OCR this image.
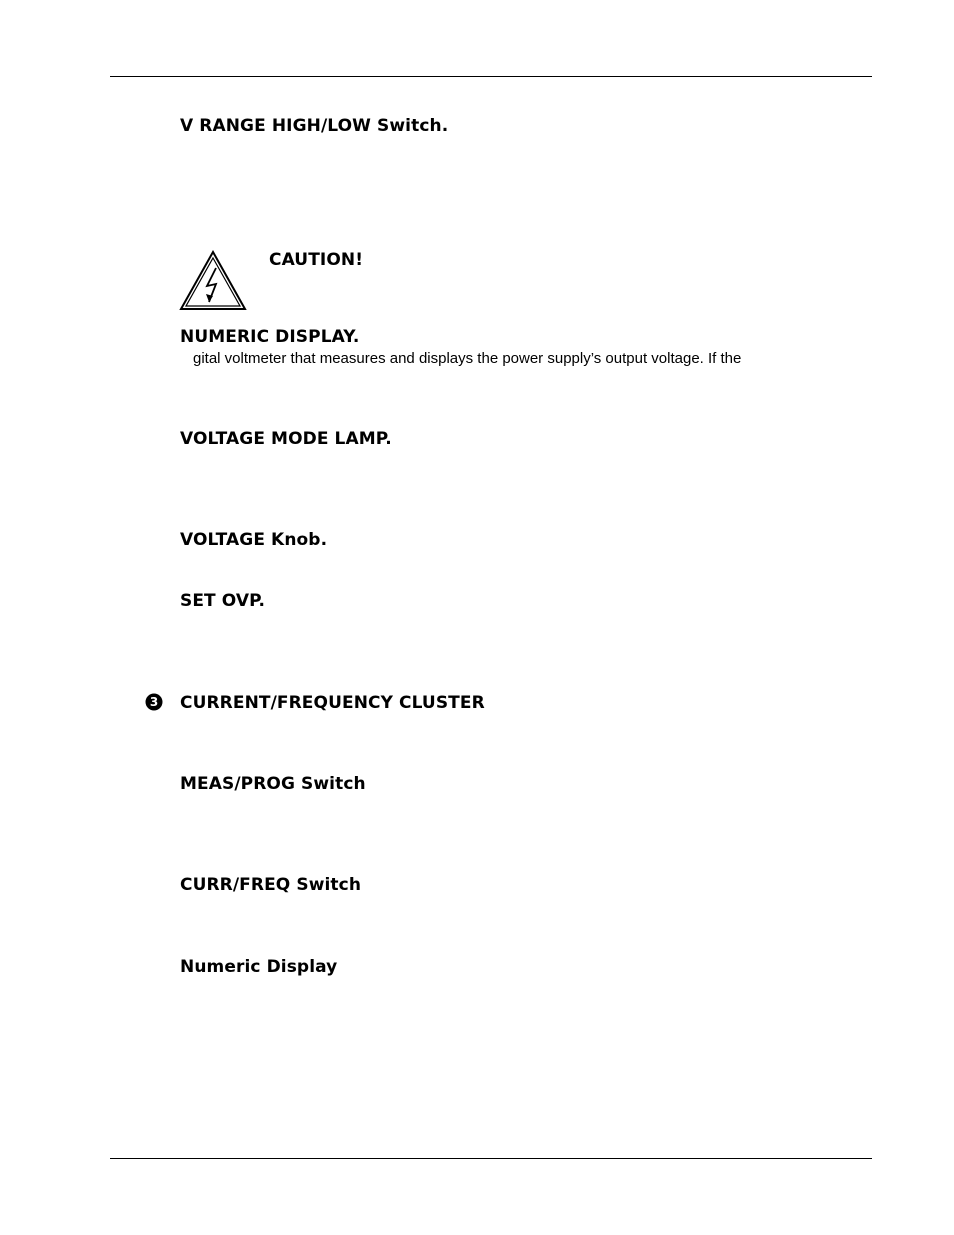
V RANGE HIGH/LOW Switch.
CAUTION!
NUMERIC DISPLAY.
gital voltmeter that measures and displays the power supply’s output voltage. If the
VOLTAGE MODE LAMP.
VOLTAGE Knob.
SET OVP.
3 CURRENT/FREQUENCY CLUSTER
MEAS/PROG Switch
CURR/FREQ Switch
Numeric Display
